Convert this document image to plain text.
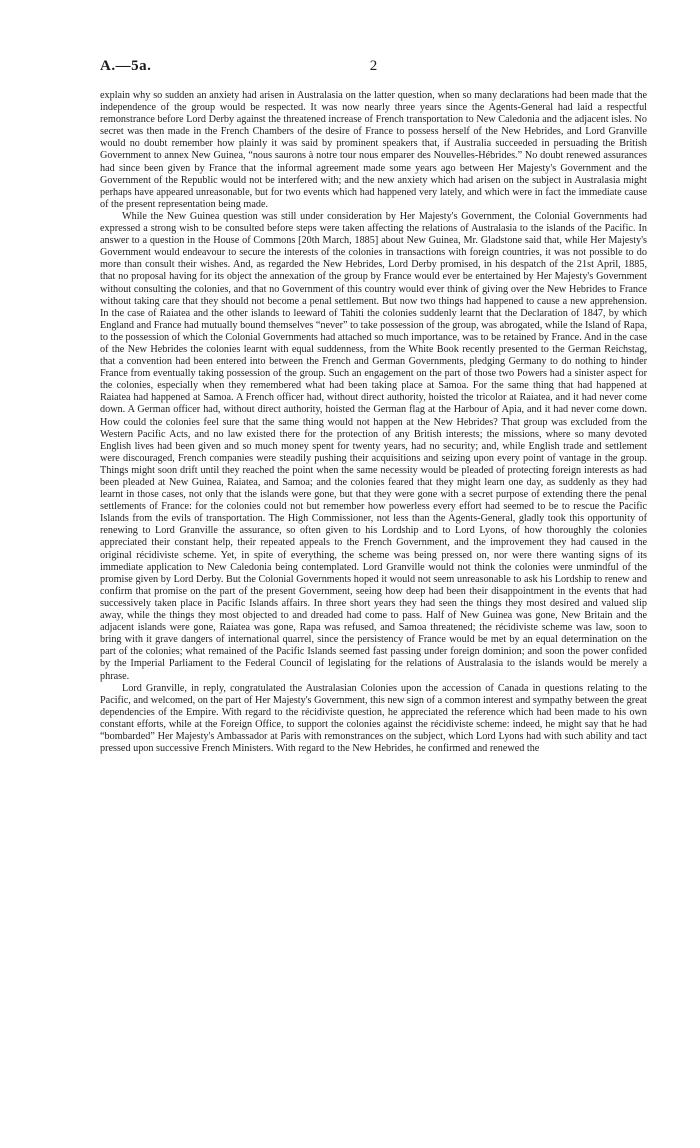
A.—5a.	2

explain why so sudden an anxiety had arisen in Australasia on the latter question, when so many declarations had been made that the independence of the group would be respected. It was now nearly three years since the Agents-General had laid a respectful remonstrance before Lord Derby against the threatened increase of French transportation to New Caledonia and the adjacent isles. No secret was then made in the French Chambers of the desire of France to possess herself of the New Hebrides, and Lord Granville would no doubt remember how plainly it was said by prominent speakers that, if Australia succeeded in persuading the British Government to annex New Guinea, “nous saurons à notre tour nous emparer des Nouvelles-Hébrides.” No doubt renewed assurances had since been given by France that the informal agreement made some years ago between Her Majesty's Government and the Government of the Republic would not be interfered with; and the new anxiety which had arisen on the subject in Australasia might perhaps have appeared unreasonable, but for two events which had happened very lately, and which were in fact the immediate cause of the present representation being made.

While the New Guinea question was still under consideration by Her Majesty's Government, the Colonial Governments had expressed a strong wish to be consulted before steps were taken affecting the relations of Australasia to the islands of the Pacific. In answer to a question in the House of Commons [20th March, 1885] about New Guinea, Mr. Gladstone said that, while Her Majesty's Government would endeavour to secure the interests of the colonies in transactions with foreign countries, it was not possible to do more than consult their wishes. And, as regarded the New Hebrides, Lord Derby promised, in his despatch of the 21st April, 1885, that no proposal having for its object the annexation of the group by France would ever be entertained by Her Majesty's Government without consulting the colonies, and that no Government of this country would ever think of giving over the New Hebrides to France without taking care that they should not become a penal settlement. But now two things had happened to cause a new apprehension. In the case of Raiatea and the other islands to leeward of Tahiti the colonies suddenly learnt that the Declaration of 1847, by which England and France had mutually bound themselves “never” to take possession of the group, was abrogated, while the Island of Rapa, to the possession of which the Colonial Governments had attached so much importance, was to be retained by France. And in the case of the New Hebrides the colonies learnt with equal suddenness, from the White Book recently presented to the German Reichstag, that a convention had been entered into between the French and German Governments, pledging Germany to do nothing to hinder France from eventually taking possession of the group. Such an engagement on the part of those two Powers had a sinister aspect for the colonies, especially when they remembered what had been taking place at Samoa. For the same thing that had happened at Raiatea had happened at Samoa. A French officer had, without direct authority, hoisted the tricolor at Raiatea, and it had never come down. A German officer had, without direct authority, hoisted the German flag at the Harbour of Apia, and it had never come down. How could the colonies feel sure that the same thing would not happen at the New Hebrides? That group was excluded from the Western Pacific Acts, and no law existed there for the protection of any British interests; the missions, where so many devoted English lives had been given and so much money spent for twenty years, had no security; and, while English trade and settlement were discouraged, French companies were steadily pushing their acquisitions and seizing upon every point of vantage in the group. Things might soon drift until they reached the point when the same necessity would be pleaded of protecting foreign interests as had been pleaded at New Guinea, Raiatea, and Samoa; and the colonies feared that they might learn one day, as suddenly as they had learnt in those cases, not only that the islands were gone, but that they were gone with a secret purpose of extending there the penal settlements of France: for the colonies could not but remember how powerless every effort had seemed to be to rescue the Pacific Islands from the evils of transportation. The High Commissioner, not less than the Agents-General, gladly took this opportunity of renewing to Lord Granville the assurance, so often given to his Lordship and to Lord Lyons, of how thoroughly the colonies appreciated their constant help, their repeated appeals to the French Government, and the improvement they had caused in the original récidiviste scheme. Yet, in spite of everything, the scheme was being pressed on, nor were there wanting signs of its immediate application to New Caledonia being contemplated. Lord Granville would not think the colonies were unmindful of the promise given by Lord Derby. But the Colonial Governments hoped it would not seem unreasonable to ask his Lordship to renew and confirm that promise on the part of the present Government, seeing how deep had been their disappointment in the events that had successively taken place in Pacific Islands affairs. In three short years they had seen the things they most desired and valued slip away, while the things they most objected to and dreaded had come to pass. Half of New Guinea was gone, New Britain and the adjacent islands were gone, Raiatea was gone, Rapa was refused, and Samoa threatened; the récidiviste scheme was law, soon to bring with it grave dangers of international quarrel, since the persistency of France would be met by an equal determination on the part of the colonies; what remained of the Pacific Islands seemed fast passing under foreign dominion; and soon the power confided by the Imperial Parliament to the Federal Council of legislating for the relations of Australasia to the islands would be merely a phrase.

Lord Granville, in reply, congratulated the Australasian Colonies upon the accession of Canada in questions relating to the Pacific, and welcomed, on the part of Her Majesty's Government, this new sign of a common interest and sympathy between the great dependencies of the Empire. With regard to the récidiviste question, he appreciated the reference which had been made to his own constant efforts, while at the Foreign Office, to support the colonies against the récidiviste scheme: indeed, he might say that he had “bombarded” Her Majesty's Ambassador at Paris with remonstrances on the subject, which Lord Lyons had with such ability and tact pressed upon successive French Ministers. With regard to the New Hebrides, he confirmed and renewed the
